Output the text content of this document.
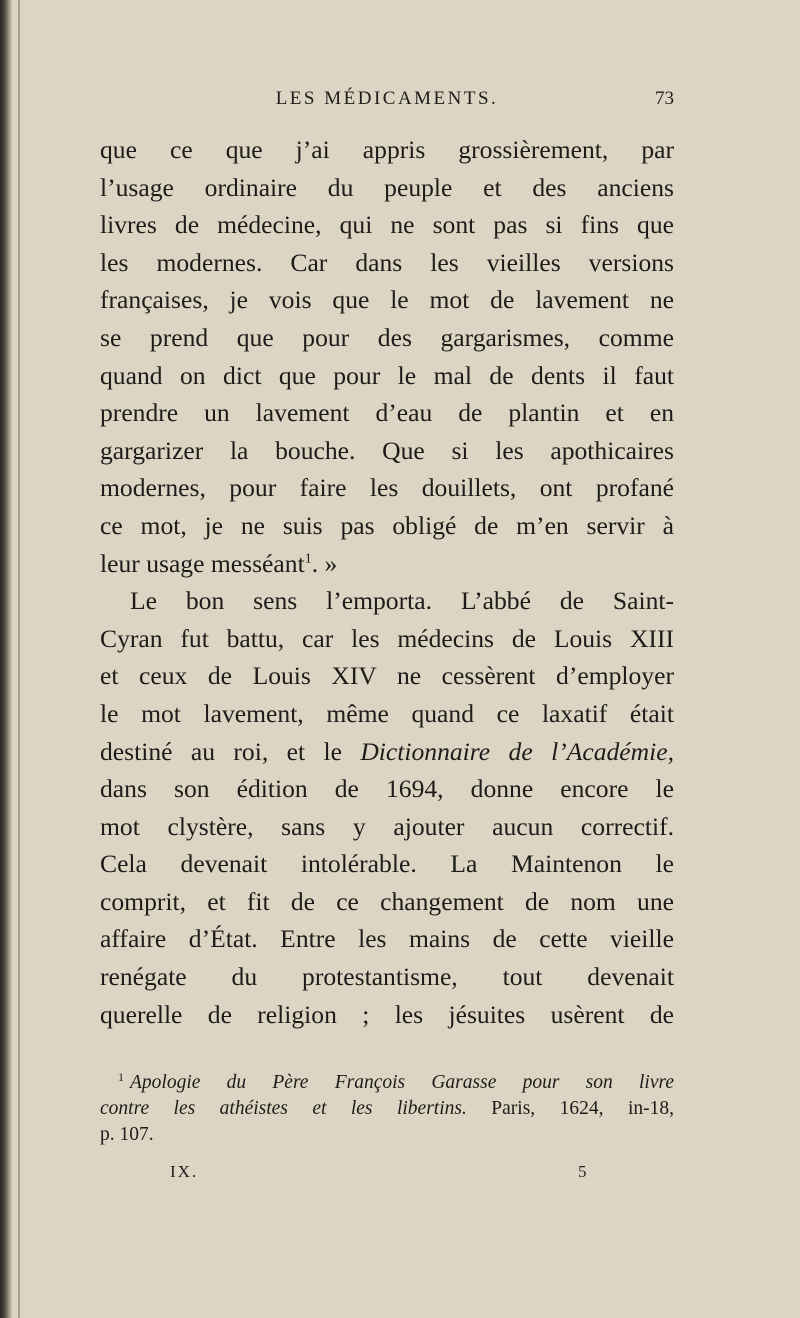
LES MÉDICAMENTS.	73
que ce que j’ai appris grossièrement, par
l’usage ordinaire du peuple et des anciens
livres de médecine, qui ne sont pas si fins que
les modernes. Car dans les vieilles versions
françaises, je vois que le mot de lavement ne
se prend que pour des gargarismes, comme
quand on dict que pour le mal de dents il faut
prendre un lavement d’eau de plantin et en
gargarizer la bouche. Que si les apothicaires
modernes, pour faire les douillets, ont profané
ce mot, je ne suis pas obligé de m’en servir à
leur usage messéant$^1$. »
Le bon sens l’emporta. L’abbé de Saint-
Cyran fut battu, car les médecins de Louis XIII
et ceux de Louis XIV ne cessèrent d’employer
le mot lavement, même quand ce laxatif était
destiné au roi, et le Dictionnaire de l’Académie,
dans son édition de 1694, donne encore le
mot clystère, sans y ajouter aucun correctif.
Cela devenait intolérable. La Maintenon le
comprit, et fit de ce changement de nom une
affaire d’État. Entre les mains de cette vieille
renégate du protestantisme, tout devenait
querelle de religion ; les jésuites usèrent de
$^1$ Apologie du Père François Garasse pour son livre
contre les athéistes et les libertins. Paris, 1624, in-18,
p. 107.
IX.	5
